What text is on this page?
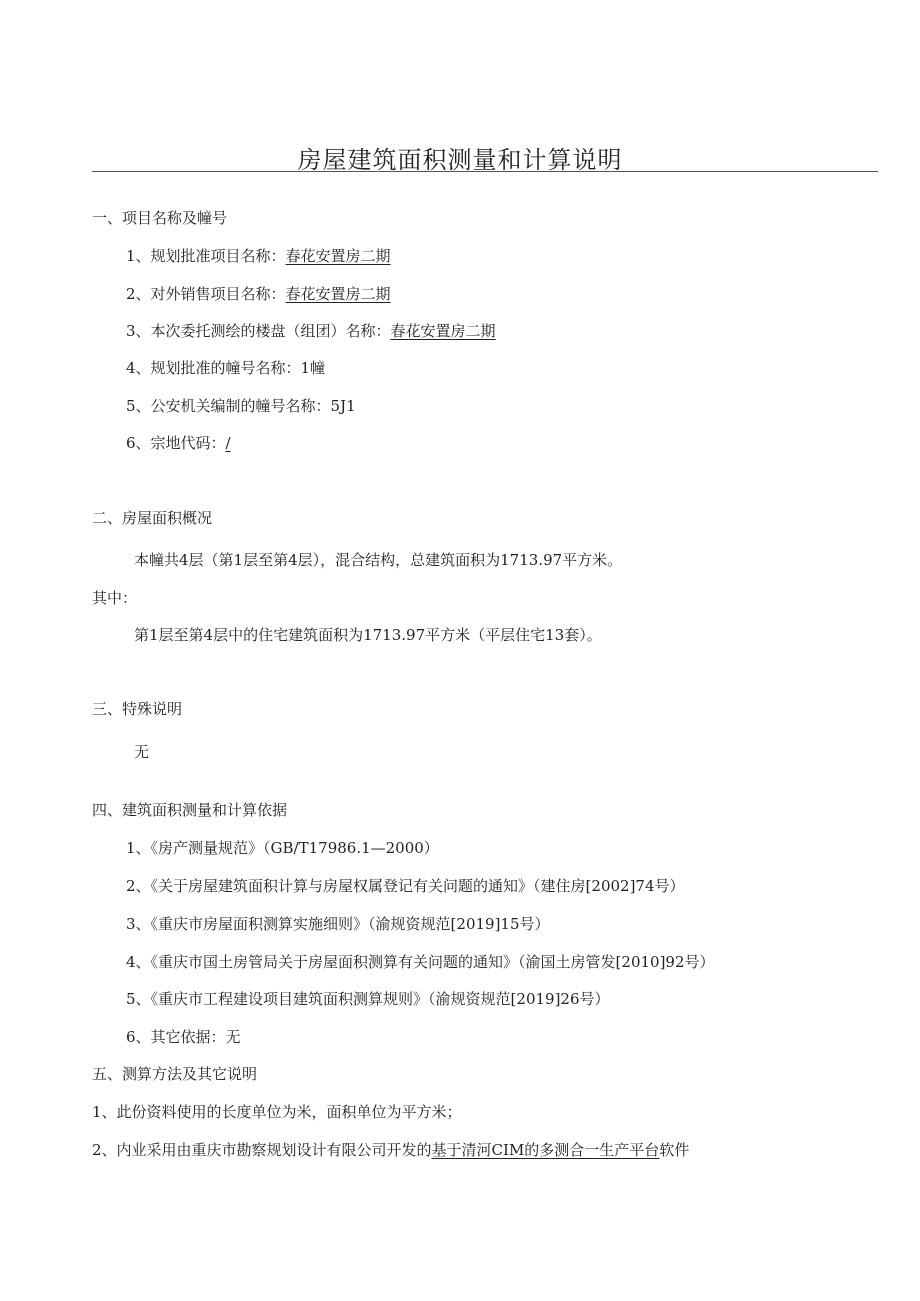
房屋建筑面积测量和计算说明
一、项目名称及幢号
1、规划批准项目名称：春花安置房二期
2、对外销售项目名称：春花安置房二期
3、本次委托测绘的楼盘（组团）名称：春花安置房二期
4、规划批准的幢号名称：1幢
5、公安机关编制的幢号名称：5J1
6、宗地代码：/
二、房屋面积概况
本幢共4层（第1层至第4层），混合结构，总建筑面积为1713.97平方米。
其中：
第1层至第4层中的住宅建筑面积为1713.97平方米（平层住宅13套）。
三、特殊说明
无
四、建筑面积测量和计算依据
1、《房产测量规范》（GB/T17986.1—2000）
2、《关于房屋建筑面积计算与房屋权属登记有关问题的通知》（建住房[2002]74号）
3、《重庆市房屋面积测算实施细则》（渝规资规范[2019]15号）
4、《重庆市国土房管局关于房屋面积测算有关问题的通知》（渝国土房管发[2010]92号）
5、《重庆市工程建设项目建筑面积测算规则》（渝规资规范[2019]26号）
6、其它依据：无
五、测算方法及其它说明
1、此份资料使用的长度单位为米，面积单位为平方米；
2、内业采用由重庆市勘察规划设计有限公司开发的基于清河CIM的多测合一生产平台软件
